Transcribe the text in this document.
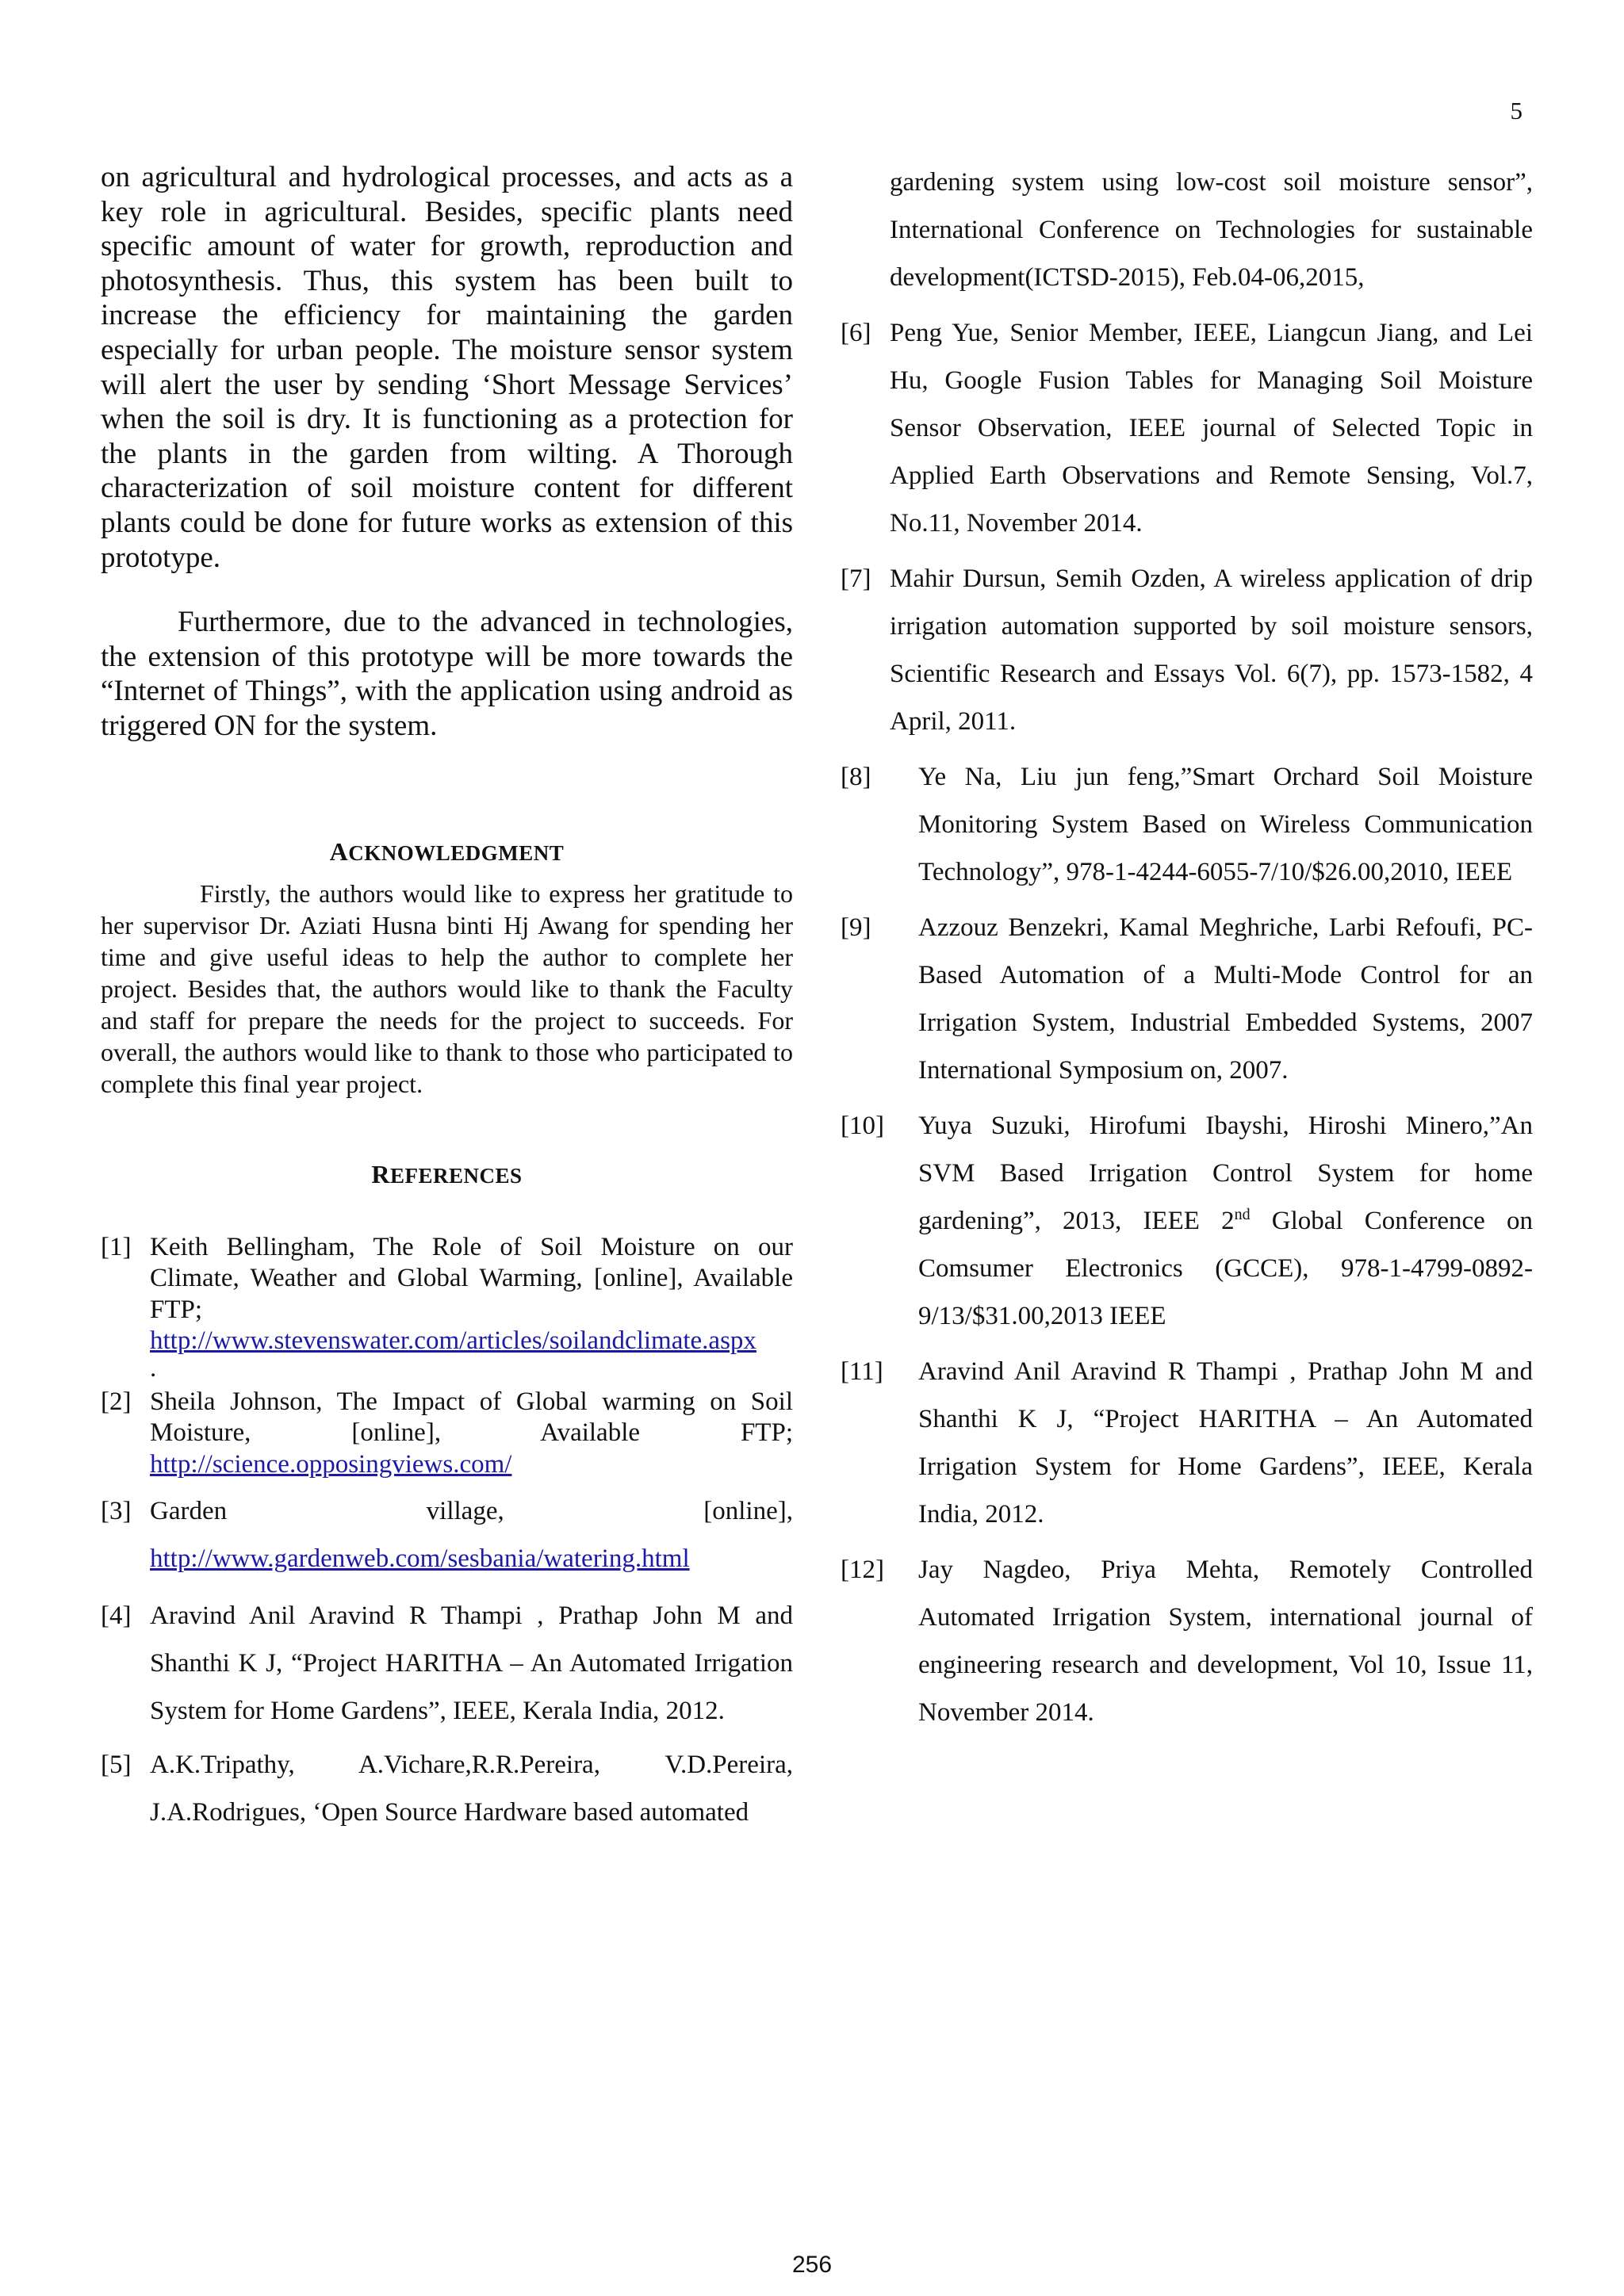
5

on agricultural and hydrological processes, and acts as a key role in agricultural. Besides, specific plants need specific amount of water for growth, reproduction and photosynthesis. Thus, this system has been built to increase the efficiency for maintaining the garden especially for urban people. The moisture sensor system will alert the user by sending ‘Short Message Services’ when the soil is dry. It is functioning as a protection for the plants in the garden from wilting. A Thorough characterization of soil moisture content for different plants could be done for future works as extension of this prototype.

Furthermore, due to the advanced in technologies, the extension of this prototype will be more towards the “Internet of Things”, with the application using android as triggered ON for the system.

ACKNOWLEDGMENT

Firstly, the authors would like to express her gratitude to her supervisor Dr. Aziati Husna binti Hj Awang for spending her time and give useful ideas to help the author to complete her project. Besides that, the authors would like to thank the Faculty and staff for prepare the needs for the project to succeeds. For overall, the authors would like to thank to those who participated to complete this final year project.

REFERENCES

[1] Keith Bellingham, The Role of Soil Moisture on our Climate, Weather and Global Warming, [online], Available FTP; http://www.stevenswater.com/articles/soilandclimate.aspx
.
[2] Sheila Johnson, The Impact of Global warming on Soil Moisture, [online], Available FTP; http://science.opposingviews.com/
[3] Garden village, [online], http://www.gardenweb.com/sesbania/watering.html
[4] Aravind Anil Aravind R Thampi , Prathap John M and Shanthi K J, “Project HARITHA – An Automated Irrigation System for Home Gardens”, IEEE, Kerala India, 2012.
[5] A.K.Tripathy, A.Vichare,R.R.Pereira, V.D.Pereira, J.A.Rodrigues, ‘Open Source Hardware based automated
gardening system using low-cost soil moisture sensor”, International Conference on Technologies for sustainable development(ICTSD-2015), Feb.04-06,2015,
[6] Peng Yue, Senior Member, IEEE, Liangcun Jiang, and Lei Hu, Google Fusion Tables for Managing Soil Moisture Sensor Observation, IEEE journal of Selected Topic in Applied Earth Observations and Remote Sensing, Vol.7, No.11, November 2014.
[7] Mahir Dursun, Semih Ozden, A wireless application of drip irrigation automation supported by soil moisture sensors, Scientific Research and Essays Vol. 6(7), pp. 1573-1582, 4 April, 2011.
[8]	Ye Na, Liu jun feng,”Smart Orchard Soil Moisture Monitoring System Based on Wireless Communication Technology”, 978-1-4244-6055-7/10/$26.00,2010, IEEE
[9]	Azzouz Benzekri, Kamal Meghriche, Larbi Refoufi, PC-Based Automation of a Multi-Mode Control for an Irrigation System, Industrial Embedded Systems, 2007 International Symposium on, 2007.
[10]	Yuya Suzuki, Hirofumi Ibayshi, Hiroshi Minero,”An SVM Based Irrigation Control System for home gardening”, 2013, IEEE 2nd Global Conference on Comsumer Electronics (GCCE), 978-1-4799-0892-9/13/$31.00,2013 IEEE
[11]	Aravind Anil Aravind R Thampi , Prathap John M and Shanthi K J, “Project HARITHA – An Automated Irrigation System for Home Gardens”, IEEE, Kerala India, 2012.
[12]	Jay Nagdeo, Priya Mehta, Remotely Controlled Automated Irrigation System, international journal of engineering research and development, Vol 10, Issue 11, November 2014.
256
